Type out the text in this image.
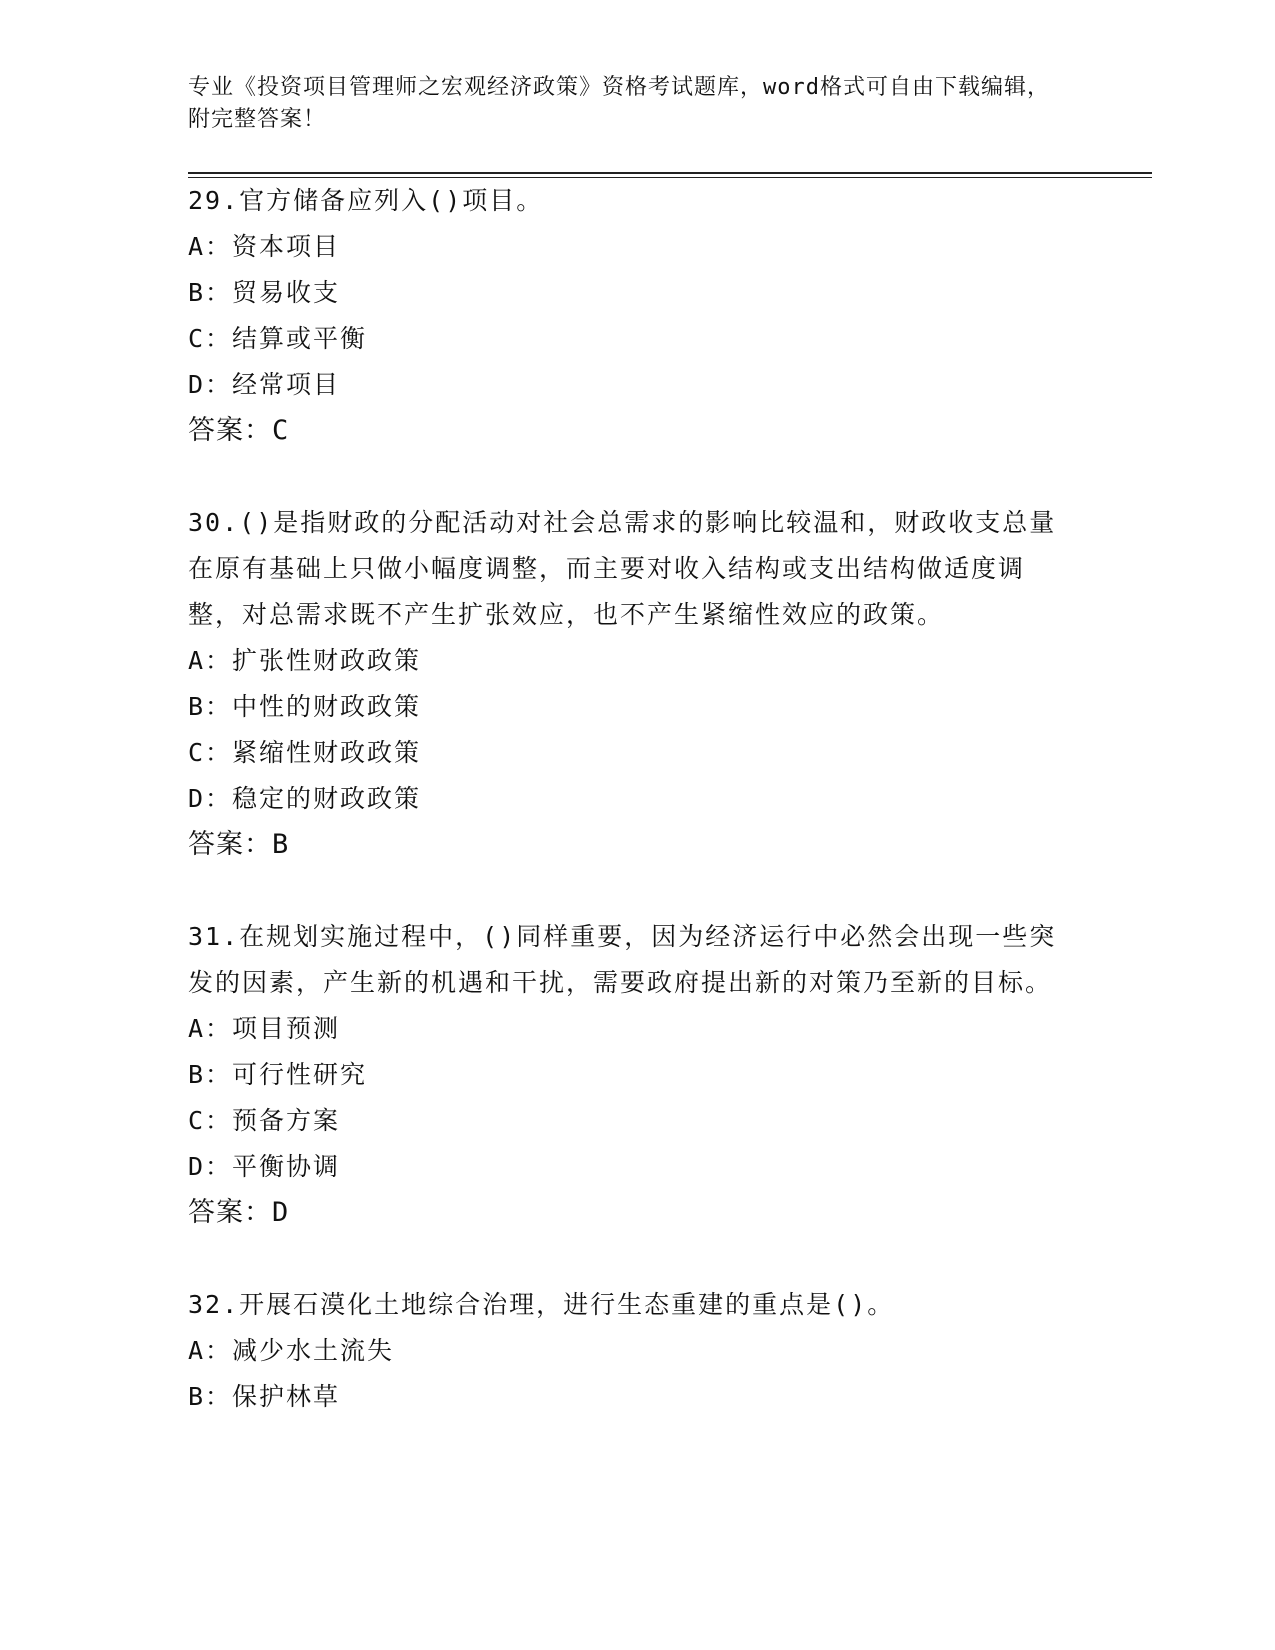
专业《投资项目管理师之宏观经济政策》资格考试题库，word格式可自由下载编辑，附完整答案！
29.官方储备应列入()项目。
A：资本项目
B：贸易收支
C：结算或平衡
D：经常项目
答案：C
30.()是指财政的分配活动对社会总需求的影响比较温和，财政收支总量在原有基础上只做小幅度调整，而主要对收入结构或支出结构做适度调整，对总需求既不产生扩张效应，也不产生紧缩性效应的政策。
A：扩张性财政政策
B：中性的财政政策
C：紧缩性财政政策
D：稳定的财政政策
答案：B
31.在规划实施过程中，()同样重要，因为经济运行中必然会出现一些突发的因素，产生新的机遇和干扰，需要政府提出新的对策乃至新的目标。
A：项目预测
B：可行性研究
C：预备方案
D：平衡协调
答案：D
32.开展石漠化土地综合治理，进行生态重建的重点是()。
A：减少水土流失
B：保护林草
